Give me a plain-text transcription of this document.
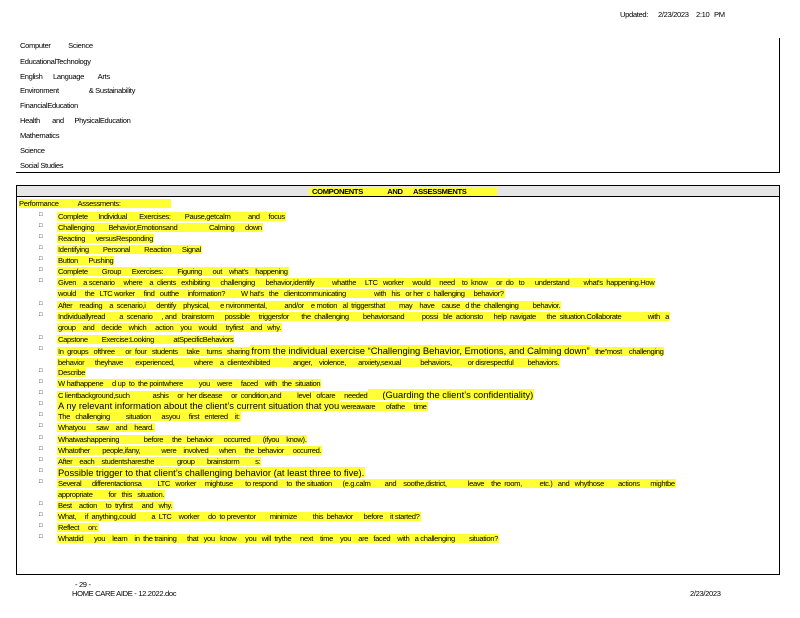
Updated:	2/23/2023 2:10 PM
Computer          Science
EducationalTechnology
English      Language        Arts
Environment                 & Sustainability
FinancialEducation
Health       and      PhysicalEducation
Mathematics
Science
Social Studies
COMPONENTS              AND      ASSESSMENTS
Performance           Assessments:
□	Complete      Individual       Exercises:        Pause,getcalm          and     focus
□	Challenging        Behavior,Emotionsand                  Calming      down
□	Reacting      versusResponding
□	Identifying        Personal        Reaction      Signal
□	Button      Pushing
□	Complete        Group      Exercises:        Figuring      out    what's    happening
□	Given    a scenario     where    a  clients   exhibiting      challenging      behavior,identify          whatthe     LTC   worker     would     need    to  know     or  do   to      understand        what's  happening.How
would     the   LTC worker     find   outthe     information?         W hat's   the   clientcommunicating                with   his   or her  c  hallenging     behavior?
□	After    reading    a  scenario,i      dentify    physical,      e nvironmental,          and/or    e motion   al  triggersthat        may    have    cause   d the  challenging        behavior.
□	Individuallyread        a  scenario     , and   brainstorm      possible     triggersfor       the  challenging        behaviorsand          possi   ble  actionsto      help  navigate      the  situation.Collaborate               with   a
group    and    decide    which     action    you    would     tryfirst    and   why.
□	Capstone        Exercise:Looking           atSpecificBehaviors
□	In  groups   ofthree      or  four   students     take    turns   sharing from the individual exercise “Challenging Behavior, Emotions, and Calming down”  the”most    challenging
behavior      theyhave       experienced,           where    a  clientexhibited             anger,    violence,       anxiety,sexual           behaviors,         or disrespectful        behaviors.
□	Describe
□	W hathappene     d up  to  the pointwhere         you    were     faced    with   the  situation
□	C lientbackground,such             ashis     or  her disease     or  condition,and         level   ofcare     needed     (Guarding the client’s confidentiality)
□	A ny relevant information about the client’s current situation that you wereaware      ofathe     time
□	The   challenging         situation      asyou     first   entered    it:
□	Whatyou      saw    and    heard.
□	Whatwashappening              before     the   behavior      occurred       (ifyou    know).
□	Whatother       people,ifany,            were    involved      when     the  behavior     occurred.
□	After    each    studentsharesthe             group       brainstorm         s:
□	Possible trigger to that client’s challenging behavior (at least three to five).
□	Several      differentactionsa         LTC   worker     mightuse       to respond     to  the situation      (e.g.calm        and    soothe,district,            leave    the  room,          etc.)   and   whythose        actions      mightbe
appropriate         for   this   situation.
□	Best    action     to  tryfirst     and   why.
□	What,     if  anything,could         a  LTC    worker     do  to preventor        minimize         this  behavior      before    it started?
□	Reflect     on:
□	Whatdid      you    learn    in  the training      that   you   know     you   will  trythe     next    time    you    are   faced    with   a challenging        situation?
- 29 -
HOME CARE AIDE - 12.2022.doc	2/23/2023
